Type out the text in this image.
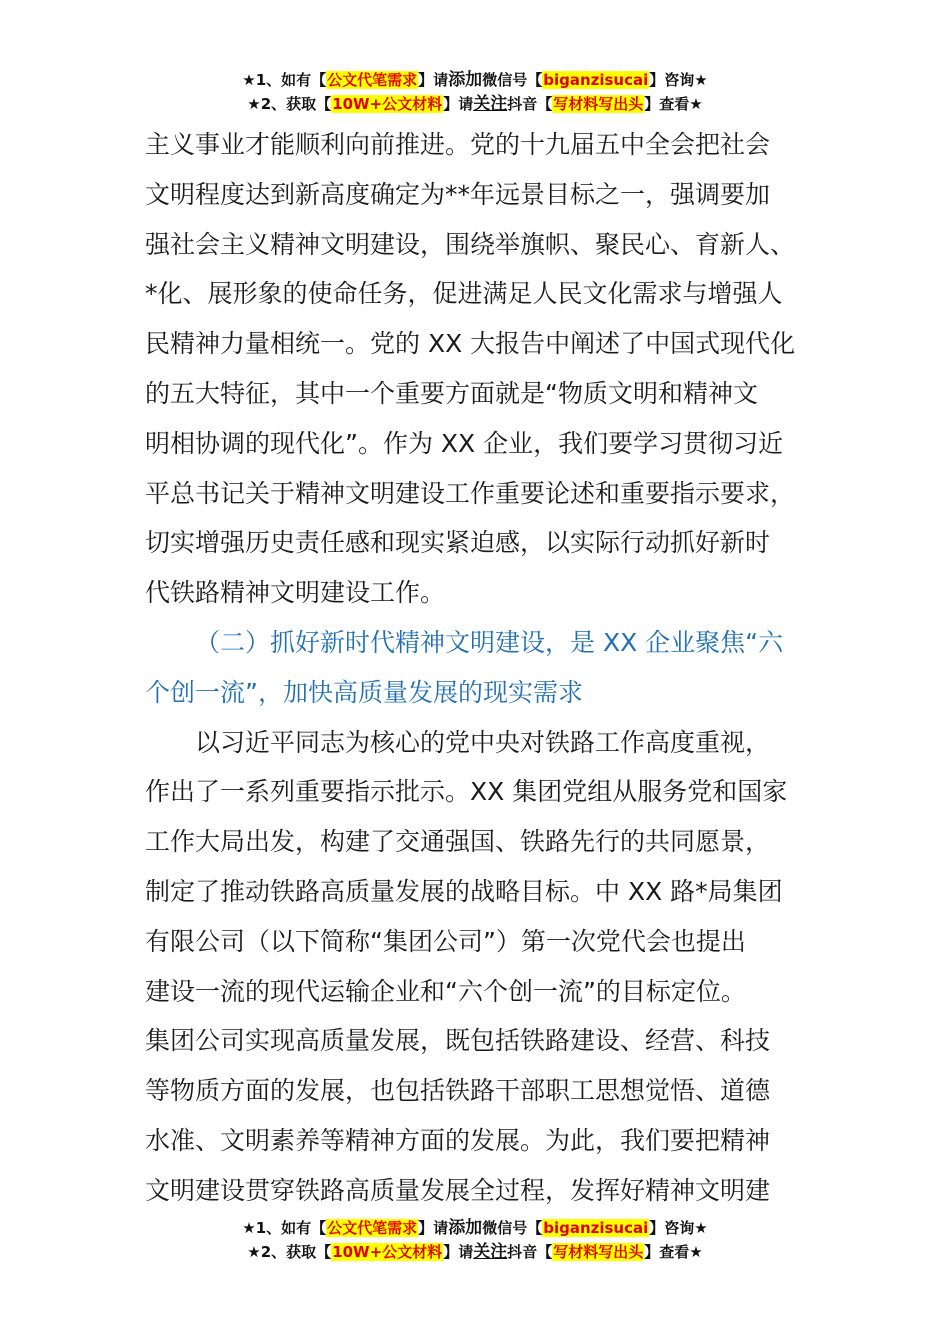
★1、如有【公文代笔需求】请添加微信号【biganzisucai】咨询★
★2、获取【10W+公文材料】请关注抖音【写材料写出头】查看★

主义事业才能顺利向前推进。党的十九届五中全会把社会
文明程度达到新高度确定为**年远景目标之一，强调要加
强社会主义精神文明建设，围绕举旗帜、聚民心、育新人、
*化、展形象的使命任务，促进满足人民文化需求与增强人
民精神力量相统一。党的 XX 大报告中阐述了中国式现代化
的五大特征，其中一个重要方面就是“物质文明和精神文
明相协调的现代化”。作为 XX 企业，我们要学习贯彻习近
平总书记关于精神文明建设工作重要论述和重要指示要求，
切实增强历史责任感和现实紧迫感，以实际行动抓好新时
代铁路精神文明建设工作。

（二）抓好新时代精神文明建设，是 XX 企业聚焦“六
个创一流”，加快高质量发展的现实需求

以习近平同志为核心的党中央对铁路工作高度重视，
作出了一系列重要指示批示。XX 集团党组从服务党和国家
工作大局出发，构建了交通强国、铁路先行的共同愿景，
制定了推动铁路高质量发展的战略目标。中 XX 路*局集团
有限公司（以下简称“集团公司”）第一次党代会也提出
建设一流的现代运输企业和“六个创一流”的目标定位。
集团公司实现高质量发展，既包括铁路建设、经营、科技
等物质方面的发展，也包括铁路干部职工思想觉悟、道德
水准、文明素养等精神方面的发展。为此，我们要把精神
文明建设贯穿铁路高质量发展全过程，发挥好精神文明建

★1、如有【公文代笔需求】请添加微信号【biganzisucai】咨询★
★2、获取【10W+公文材料】请关注抖音【写材料写出头】查看★
